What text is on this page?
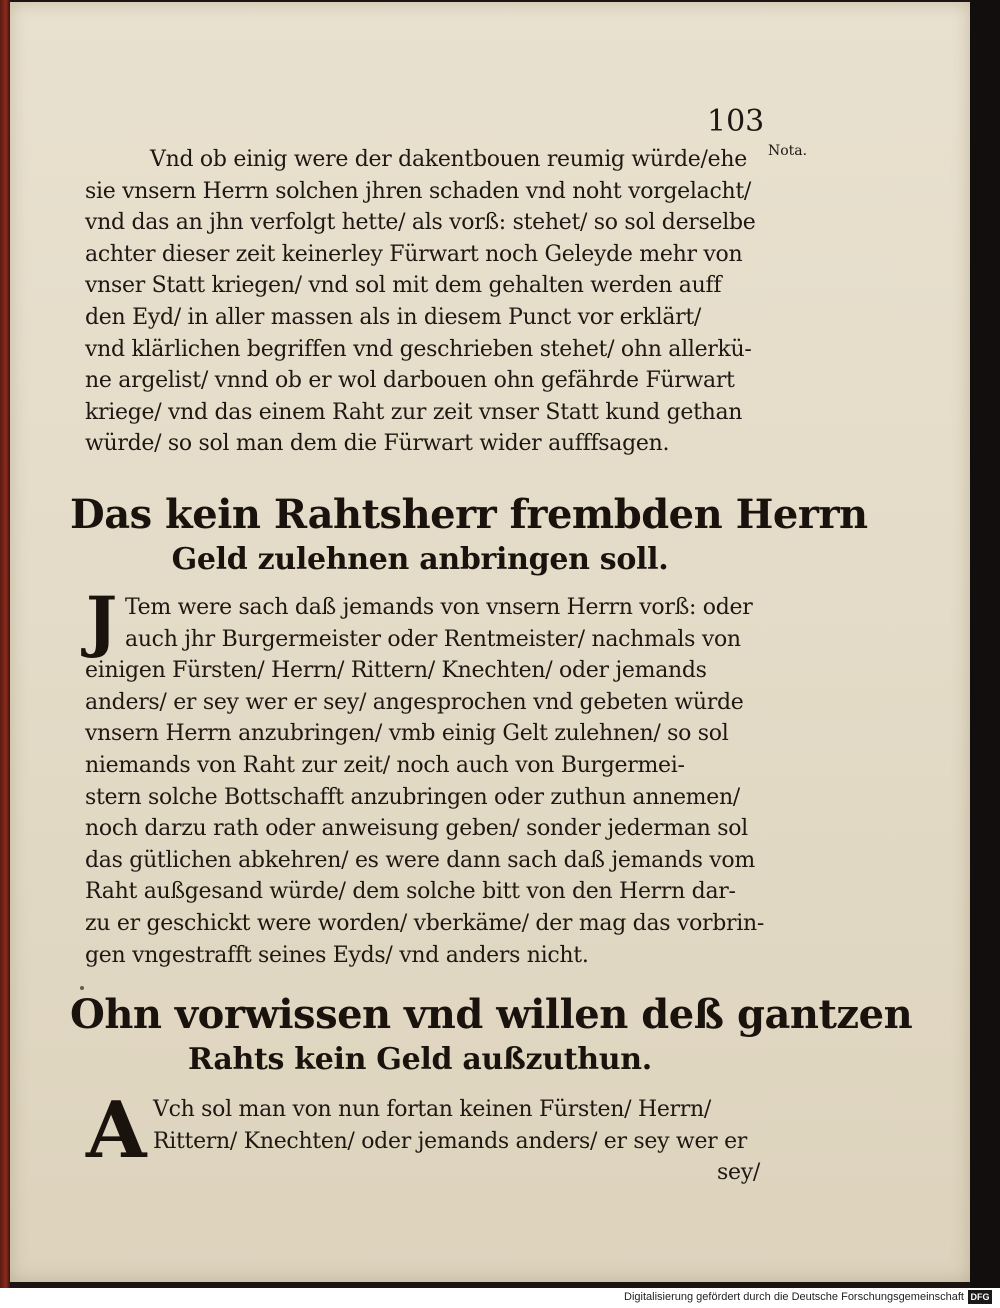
103
Nota.
Vnd ob einig were der dakentbouen reumig würde/ehe
sie vnsern Herrn solchen jhren schaden vnd noht vorgelacht/
vnd das an jhn verfolgt hette/ als vorß: stehet/ so sol derselbe
achter dieser zeit keinerley Fürwart noch Geleyde mehr von
vnser Statt kriegen/ vnd sol mit dem gehalten werden auff
den Eyd/ in aller massen als in diesem Punct vor erklärt/
vnd klärlichen begriffen vnd geschrieben stehet/ ohn allerkü-
ne argelist/ vnnd ob er wol darbouen ohn gefährde Fürwart
kriege/ vnd das einem Raht zur zeit vnser Statt kund gethan
würde/ so sol man dem die Fürwart wider aufffsagen.
Das kein Rahtsherr frembden Herrn
Geld zulehnen anbringen soll.
J Tem were sach daß jemands von vnsern Herrn vorß: oder
auch jhr Burgermeister oder Rentmeister/ nachmals von
einigen Fürsten/ Herrn/ Rittern/ Knechten/ oder jemands
anders/ er sey wer er sey/ angesprochen vnd gebeten würde
vnsern Herrn anzubringen/ vmb einig Gelt zulehnen/ so sol
niemands von Raht zur zeit/ noch auch von Burgermei-
stern solche Bottschafft anzubringen oder zuthun annemen/
noch darzu rath oder anweisung geben/ sonder jederman sol
das gütlichen abkehren/ es were dann sach daß jemands vom
Raht außgesand würde/ dem solche bitt von den Herrn dar-
zu er geschickt were worden/ vberkäme/ der mag das vorbrin-
gen vngestrafft seines Eyds/ vnd anders nicht.
Ohn vorwissen vnd willen deß gantzen
Rahts kein Geld außzuthun.
A Vch sol man von nun fortan keinen Fürsten/ Herrn/
Rittern/ Knechten/ oder jemands anders/ er sey wer er
sey/
Digitalisierung gefördert durch die Deutsche Forschungsgemeinschaft DFG
